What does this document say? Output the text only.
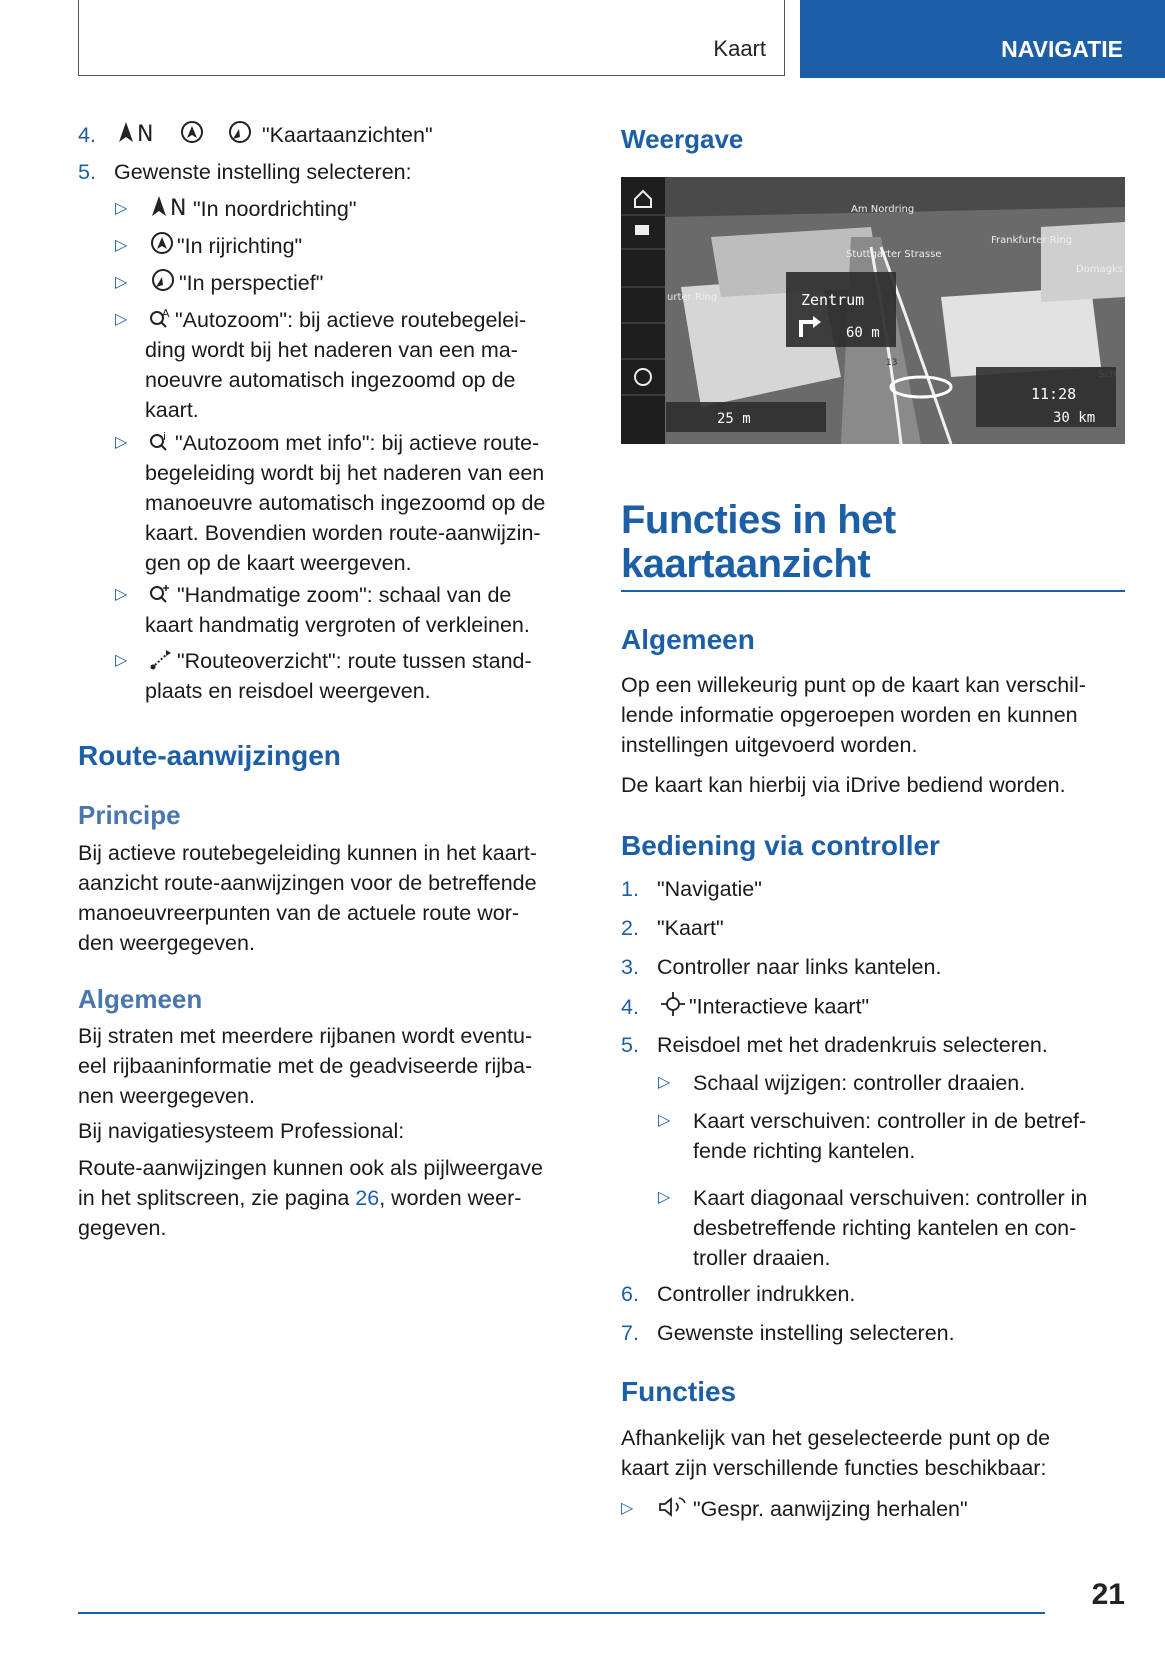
Kaart	NAVIGATIE
4. N	"Kaartaanzichten"
5. Gewenste instelling selecteren:
▷ N "In noordrichting"
▷	"In rijrichting"
▷	"In perspectief"
▷	A "Autozoom": bij actieve routebegelei-
ding wordt bij het naderen van een ma-
noeuvre automatisch ingezoomd op de
kaart.
▷	i "Autozoom met info": bij actieve route-
begeleiding wordt bij het naderen van een
manoeuvre automatisch ingezoomd op de
kaart. Bovendien worden route-aanwijzin-
gen op de kaart weergeven.
▷	"Handmatige zoom": schaal van de
kaart handmatig vergroten of verkleinen.
▷	"Routeoverzicht": route tussen stand-
plaats en reisdoel weergeven.
Route-aanwijzingen
Principe
Bij actieve routebegeleiding kunnen in het kaart-
aanzicht route-aanwijzingen voor de betreffende
manoeuvreerpunten van de actuele route wor-
den weergegeven.
Algemeen
Bij straten met meerdere rijbanen wordt eventu-
eel rijbaaninformatie met de geadviseerde rijba-
nen weergegeven.
Bij navigatiesysteem Professional:
Route-aanwijzingen kunnen ook als pijlweergave
in het splitscreen, zie pagina 26, worden weer-
gegeven.
Weergave
Am Nordring
Frankfurter Ring
Stuttgarter Strasse
Domagks
urter Ring
Sch
Zentrum
60 m
13
11:28
30 km
25 m
Functies in het
kaartaanzicht
Algemeen
Op een willekeurig punt op de kaart kan verschil-
lende informatie opgeroepen worden en kunnen
instellingen uitgevoerd worden.
De kaart kan hierbij via iDrive bediend worden.
Bediening via controller
1. "Navigatie"
2. "Kaart"
3. Controller naar links kantelen.
4. "Interactieve kaart"
5. Reisdoel met het dradenkruis selecteren.
▷ Schaal wijzigen: controller draaien.
▷ Kaart verschuiven: controller in de betref-
fende richting kantelen.
▷ Kaart diagonaal verschuiven: controller in
desbetreffende richting kantelen en con-
troller draaien.
6. Controller indrukken.
7. Gewenste instelling selecteren.
Functies
Afhankelijk van het geselecteerde punt op de
kaart zijn verschillende functies beschikbaar:
▷	"Gespr. aanwijzing herhalen"
21
